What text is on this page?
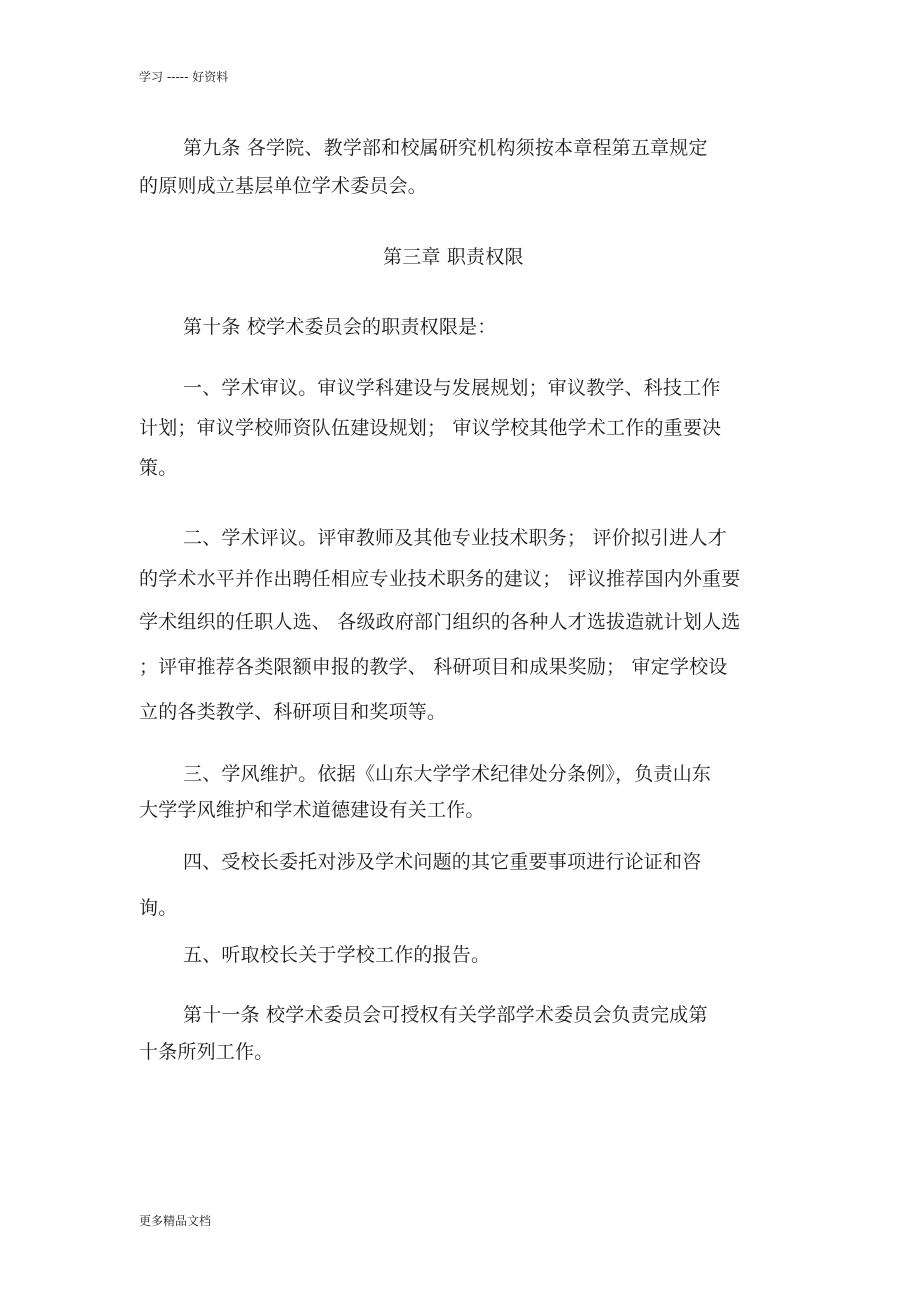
学习 ----- 好资料
第九条 各学院、教学部和校属研究机构须按本章程第五章规定
的原则成立基层单位学术委员会。
第三章 职责权限
第十条 校学术委员会的职责权限是：
一、学术审议。审议学科建设与发展规划；审议教学、科技工作
计划；审议学校师资队伍建设规划； 审议学校其他学术工作的重要决
策。
二、学术评议。评审教师及其他专业技术职务； 评价拟引进人才
的学术水平并作出聘任相应专业技术职务的建议； 评议推荐国内外重要
学术组织的任职人选、 各级政府部门组织的各种人才选拔造就计划人选
；评审推荐各类限额申报的教学、 科研项目和成果奖励； 审定学校设
立的各类教学、科研项目和奖项等。
三、学风维护。依据《山东大学学术纪律处分条例》，负责山东
大学学风维护和学术道德建设有关工作。
四、受校长委托对涉及学术问题的其它重要事项进行论证和咨
询。
五、听取校长关于学校工作的报告。
第十一条 校学术委员会可授权有关学部学术委员会负责完成第
十条所列工作。
更多精品文档
